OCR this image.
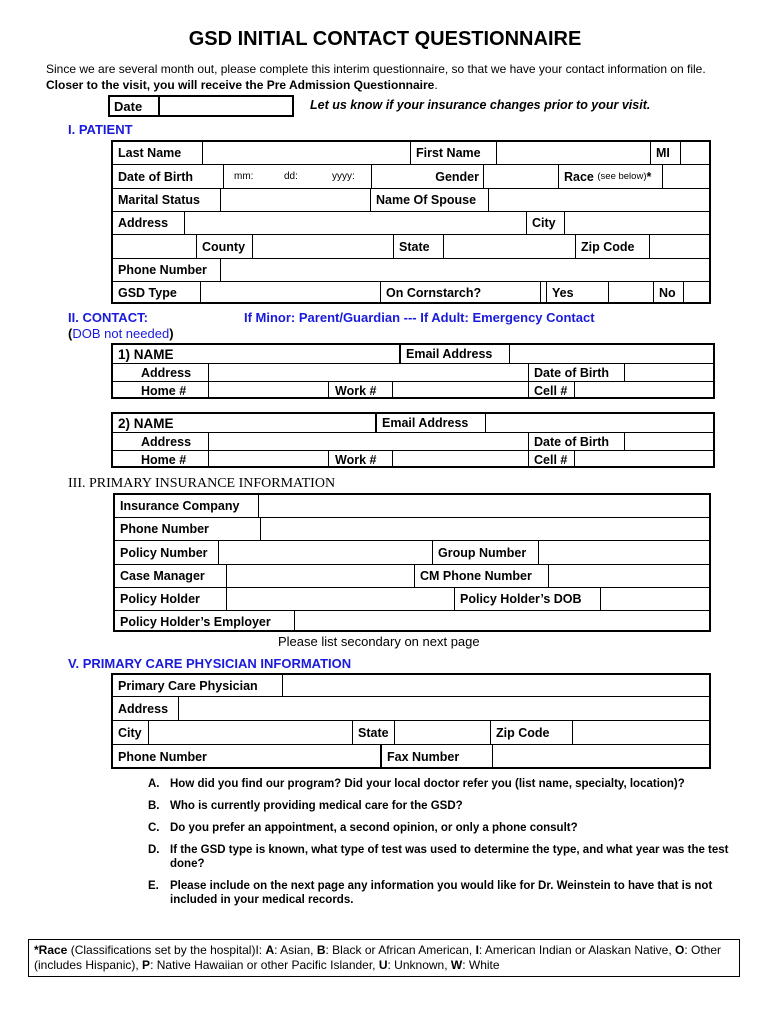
GSD INITIAL CONTACT QUESTIONNAIRE
Since we are several month out, please complete this interim questionnaire, so that we have your contact information on file. Closer to the visit, you will receive the Pre Admission Questionnaire.
Date	Let us know if your insurance changes prior to your visit.
I. PATIENT
Last Name	First Name	MI
Date of Birth	mm:	dd:	yyyy:	Gender	Race
(see below) *
Marital Status	Name Of Spouse
Address	City
County	State	Zip Code
Phone Number
GSD Type	On Cornstarch?	Yes	No
II. CONTACT:	If Minor: Parent/Guardian --- If Adult: Emergency Contact
(DOB not needed)
1) NAME	Email Address
Address	Date of Birth
Home #	Work #	Cell #
2) NAME	Email Address
Address	Date of Birth
Home #	Work #	Cell #
III. PRIMARY INSURANCE INFORMATION
Insurance Company
Phone Number
Policy Number	Group Number
Case Manager	CM Phone Number
Policy Holder	Policy Holder’s DOB
Policy Holder’s Employer
Please list secondary on next page
V. PRIMARY CARE PHYSICIAN INFORMATION
Primary Care Physician
Address
City	State	Zip Code
Phone Number	Fax Number
A. How did you find our program? Did your local doctor refer you (list name, specialty, location)?
B. Who is currently providing medical care for the GSD?
C. Do you prefer an appointment, a second opinion, or only a phone consult?
D. If the GSD type is known, what type of test was used to determine the type, and what year was the test done?
E. Please include on the next page any information you would like for Dr. Weinstein to have that is not included in your medical records.
*Race (Classifications set by the hospital)I: A: Asian, B: Black or African American, I: American Indian or Alaskan Native, O: Other (includes Hispanic), P: Native Hawaiian or other Pacific Islander, U: Unknown, W: White
